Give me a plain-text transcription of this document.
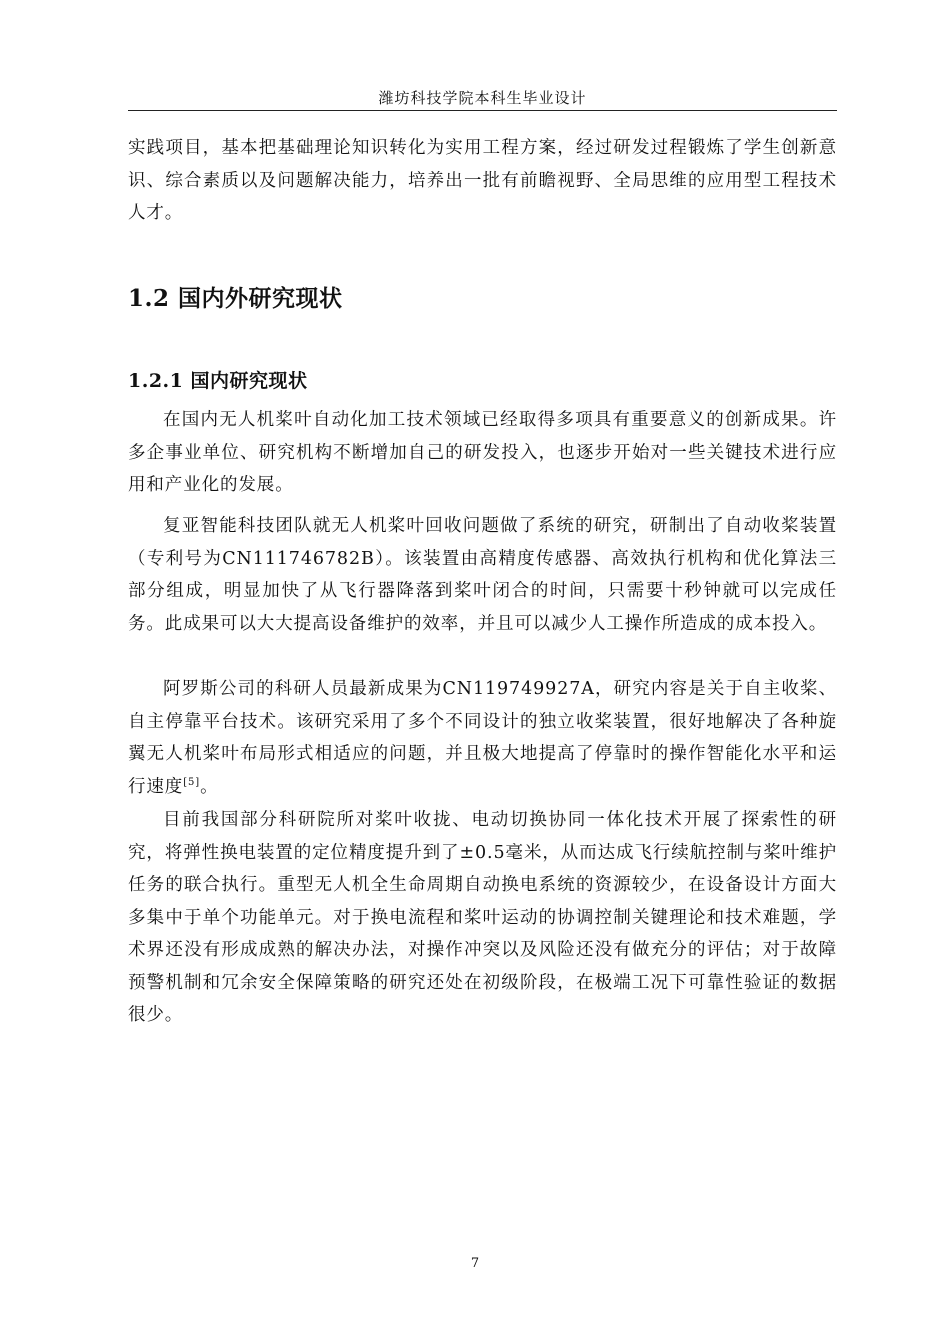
潍坊科技学院本科生毕业设计

实践项目，基本把基础理论知识转化为实用工程方案，经过研发过程锻炼了学生创新意识、综合素质以及问题解决能力，培养出一批有前瞻视野、全局思维的应用型工程技术人才。

1.2 国内外研究现状
1.2.1 国内研究现状

在国内无人机桨叶自动化加工技术领域已经取得多项具有重要意义的创新成果。许多企事业单位、研究机构不断增加自己的研发投入，也逐步开始对一些关键技术进行应用和产业化的发展。

复亚智能科技团队就无人机桨叶回收问题做了系统的研究，研制出了自动收桨装置（专利号为CN111746782B）。该装置由高精度传感器、高效执行机构和优化算法三部分组成，明显加快了从飞行器降落到桨叶闭合的时间，只需要十秒钟就可以完成任务。此成果可以大大提高设备维护的效率，并且可以减少人工操作所造成的成本投入。

阿罗斯公司的科研人员最新成果为CN119749927A，研究内容是关于自主收桨、自主停靠平台技术。该研究采用了多个不同设计的独立收桨装置，很好地解决了各种旋翼无人机桨叶布局形式相适应的问题，并且极大地提高了停靠时的操作智能化水平和运行速度[5]。

目前我国部分科研院所对桨叶收拢、电动切换协同一体化技术开展了探索性的研究，将弹性换电装置的定位精度提升到了±0.5毫米，从而达成飞行续航控制与桨叶维护任务的联合执行。重型无人机全生命周期自动换电系统的资源较少，在设备设计方面大多集中于单个功能单元。对于换电流程和桨叶运动的协调控制关键理论和技术难题，学术界还没有形成成熟的解决办法，对操作冲突以及风险还没有做充分的评估；对于故障预警机制和冗余安全保障策略的研究还处在初级阶段，在极端工况下可靠性验证的数据很少。

7
